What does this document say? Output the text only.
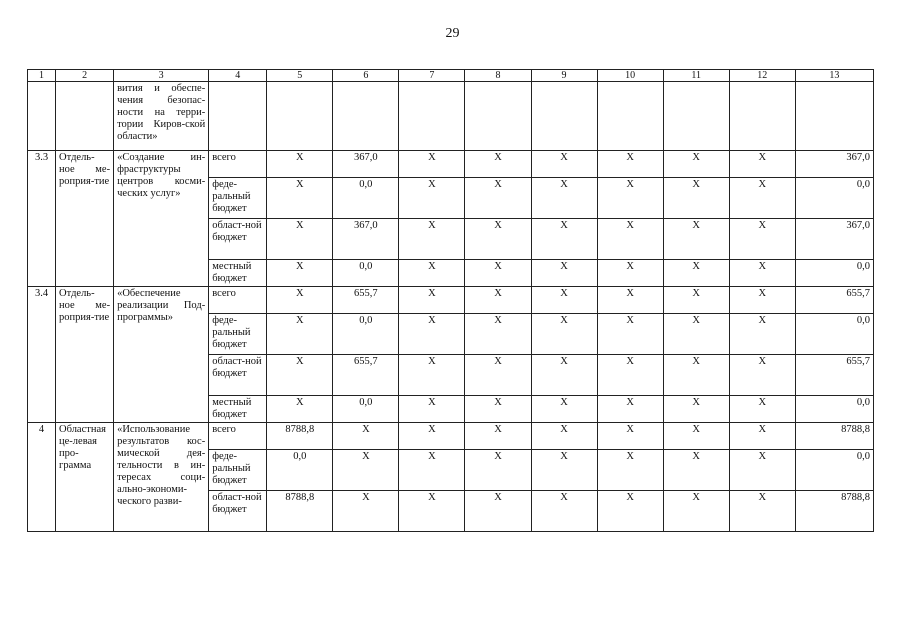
29
1	2	3	4	5	6	7	8	9	10	11	12	13
		вития и обеспе-чения безопас-ности на терри-тории Киров-ской области»										
3.3	Отдель-ное ме-роприя-тие	«Создание ин-фраструктуры центров косми-ческих услуг»	всего	X	367,0	X	X	X	X	X	X	367,0
			феде-ральный бюджет	X	0,0	X	X	X	X	X	X	0,0
			област-ной бюджет	X	367,0	X	X	X	X	X	X	367,0
			местный бюджет	X	0,0	X	X	X	X	X	X	0,0
3.4	Отдель-ное ме-роприя-тие	«Обеспечение реализации Под-программы»	всего	X	655,7	X	X	X	X	X	X	655,7
			феде-ральный бюджет	X	0,0	X	X	X	X	X	X	0,0
			област-ной бюджет	X	655,7	X	X	X	X	X	X	655,7
			местный бюджет	X	0,0	X	X	X	X	X	X	0,0
4	Областная це-левая про-грамма	«Использование результатов кос-мической дея-тельности в ин-тересах соци-ально-экономи-ческого разви-	всего	8788,8	X	X	X	X	X	X	X	8788,8
			феде-ральный бюджет	0,0	X	X	X	X	X	X	X	0,0
			област-ной бюджет	8788,8	X	X	X	X	X	X	X	8788,8
